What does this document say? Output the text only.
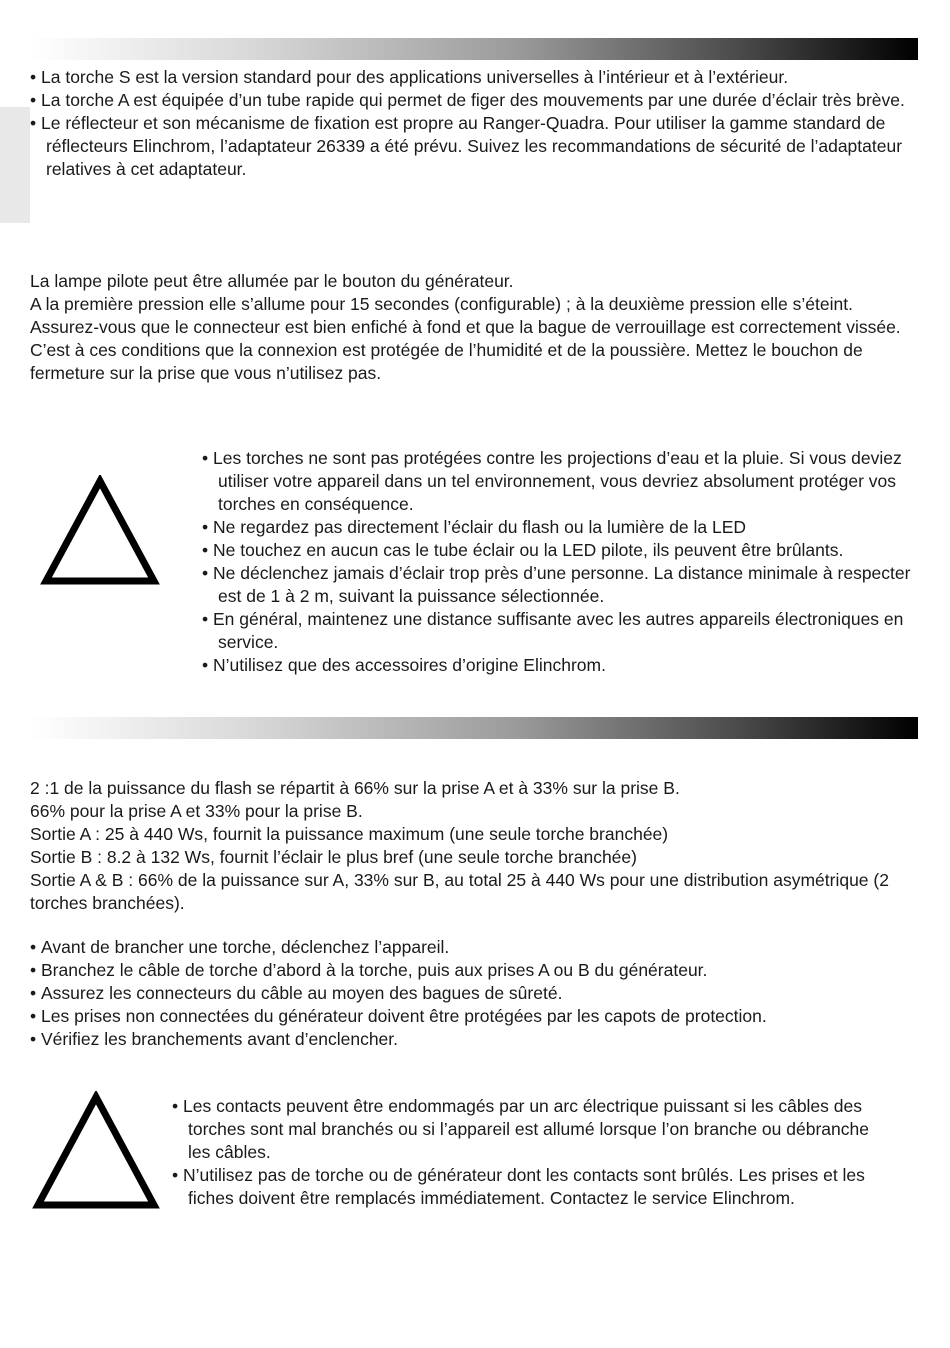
• La torche S est la version standard pour des applications universelles à l’intérieur et à l’extérieur.

• La torche A est équipée d’un tube rapide qui permet de figer des mouvements par une durée d’éclair très brève.

• Le réflecteur et son mécanisme de fixation est propre au Ranger-Quadra. Pour utiliser la gamme standard de réflecteurs Elinchrom, l’adaptateur 26339 a été prévu. Suivez les recommandations de sécurité de l’adaptateur relatives à cet adaptateur.

La lampe pilote peut être allumée par le bouton du générateur.

A la première pression elle s’allume pour 15 secondes (configurable) ; à la deuxième pression elle s’éteint.

Assurez-vous que le connecteur est bien enfiché à fond et que la bague de verrouillage est correctement vissée. C’est à ces conditions que la connexion est protégée de l’humidité et de la poussière. Mettez le bouchon de fermeture sur la prise que vous n’utilisez pas.

• Les torches ne sont pas protégées contre les projections d’eau et la pluie. Si vous deviez utiliser votre appareil dans un tel environnement, vous devriez absolument protéger vos torches en conséquence.

• Ne regardez pas directement l’éclair du flash ou la lumière de la LED

• Ne touchez en aucun cas le tube éclair ou la LED pilote, ils peuvent être brûlants.

• Ne déclenchez jamais d’éclair trop près d’une personne. La distance minimale à respecter est de 1 à 2 m, suivant la puissance sélectionnée.

• En général, maintenez une distance suffisante avec les autres appareils électroniques en service.

• N’utilisez que des accessoires d’origine Elinchrom.

2 :1 de la puissance du flash se répartit à 66% sur la prise A et à 33% sur la prise B.

66% pour la prise A et 33% pour la prise B.

Sortie A : 25 à 440 Ws, fournit la puissance maximum (une seule torche branchée)

Sortie B : 8.2 à 132 Ws, fournit l’éclair le plus bref (une seule torche branchée)

Sortie A & B : 66% de la puissance sur A, 33% sur B, au total 25 à 440 Ws pour une distribution asymétrique (2 torches branchées).

• Avant de brancher une torche, déclenchez l’appareil.

• Branchez le câble de torche d’abord à la torche, puis aux prises A ou B du générateur.

• Assurez les connecteurs du câble au moyen des bagues de sûreté.

• Les prises non connectées du générateur doivent être protégées par les capots de protection.

• Vérifiez les branchements avant d’enclencher.

• Les contacts peuvent être endommagés par un arc électrique puissant si les câbles des torches sont mal branchés ou si l’appareil est allumé lorsque l’on branche ou débranche les câbles.

• N’utilisez pas de torche ou de générateur dont les contacts sont brûlés. Les prises et les fiches doivent être remplacés immédiatement. Contactez le service Elinchrom.
